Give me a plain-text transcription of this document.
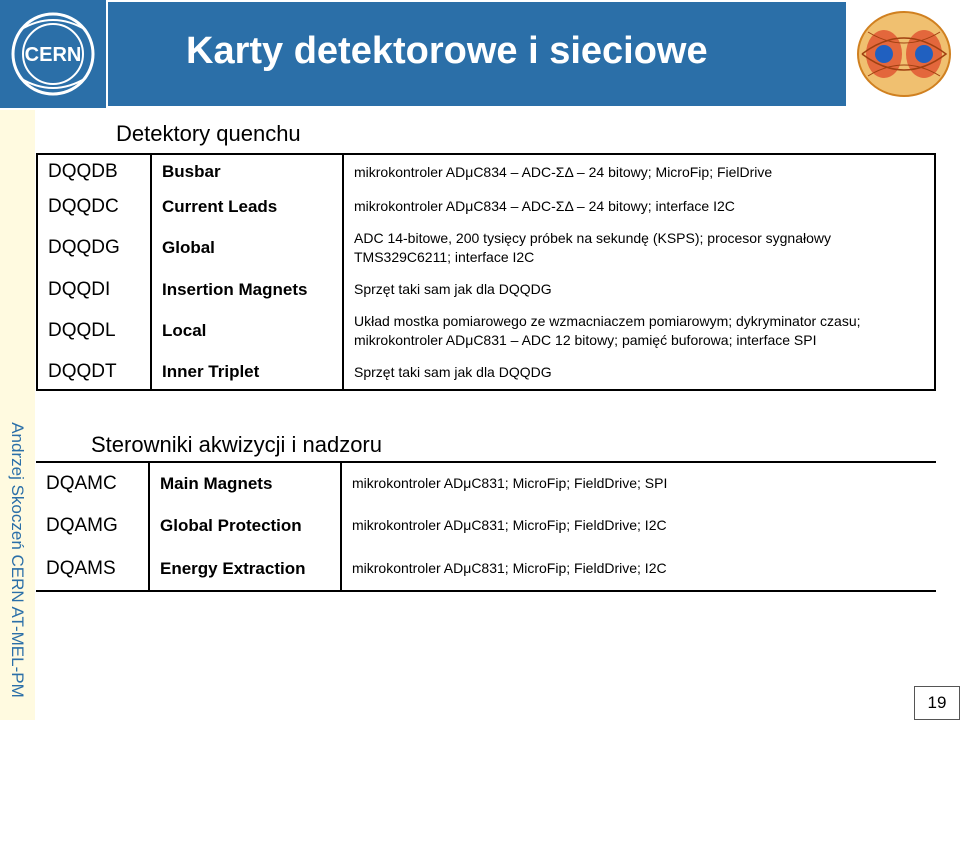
CERN	Karty detektorowe i sieciowe
Andrzej Skoczeń CERN AT-MEL-PM
Detektory quenchu
DQQDB	Busbar	mikrokontroler ADμC834 – ADC-ΣΔ – 24 bitowy; MicroFip; FielDrive
DQQDC	Current Leads	mikrokontroler ADμC834 – ADC-ΣΔ – 24 bitowy; interface I2C
DQQDG	Global	ADC 14-bitowe, 200 tysięcy próbek na sekundę (KSPS); procesor sygnałowy
TMS329C6211; interface I2C
DQQDI	Insertion Magnets	Sprzęt taki sam jak dla DQQDG
DQQDL	Local	Układ mostka pomiarowego ze wzmacniaczem pomiarowym; dykryminator czasu;
mikrokontroler ADμC831 – ADC 12 bitowy; pamięć buforowa; interface SPI
DQQDT	Inner Triplet	Sprzęt taki sam jak dla DQQDG
Sterowniki akwizycji i nadzoru
DQAMC	Main Magnets	mikrokontroler ADμC831; MicroFip; FieldDrive; SPI
DQAMG	Global Protection	mikrokontroler ADμC831; MicroFip; FieldDrive; I2C
DQAMS	Energy Extraction	mikrokontroler ADμC831; MicroFip; FieldDrive; I2C
19
